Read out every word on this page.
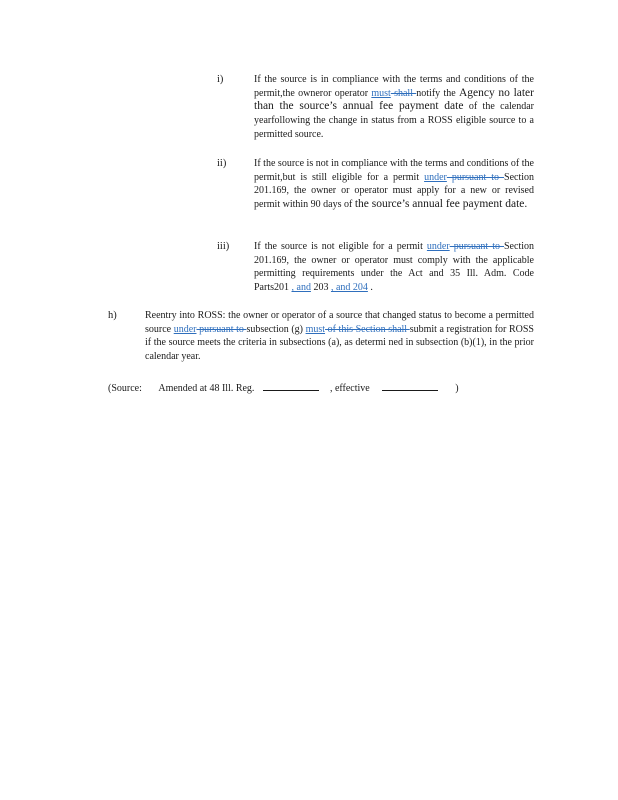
i)	If the source is in compliance with the terms and conditions of the permit,the owneror operator must shall notify the Agency no later than the source’s annual fee payment date of the calendar yearfollowing the change in status from a ROSS eligible source to a permitted source.
ii)	If the source is not in compliance with the terms and conditions of the permit,but is still eligible for a permit under pursuant to Section 201.169, the owner or operator must apply for a new or revised permit within 90 days of the source’s annual fee payment date.
iii) If the source is not eligible for a permit under pursuant to Section 201.169, the owner or operator must comply with the applicable permitting requirements under the Act and 35 Ill. Adm. Code Parts201 , and 203 , and 204 .
h)	Reentry into ROSS: the owner or operator of a source that changed status to become a permitted source under pursuant to subsection (g) must of this Section shall submit a registration for ROSS if the source meets the criteria in subsections (a), as determi ned in subsection (b)(1), in the prior calendar year.
(Source: Amended at 48 Ill. Reg.	, effective	)
